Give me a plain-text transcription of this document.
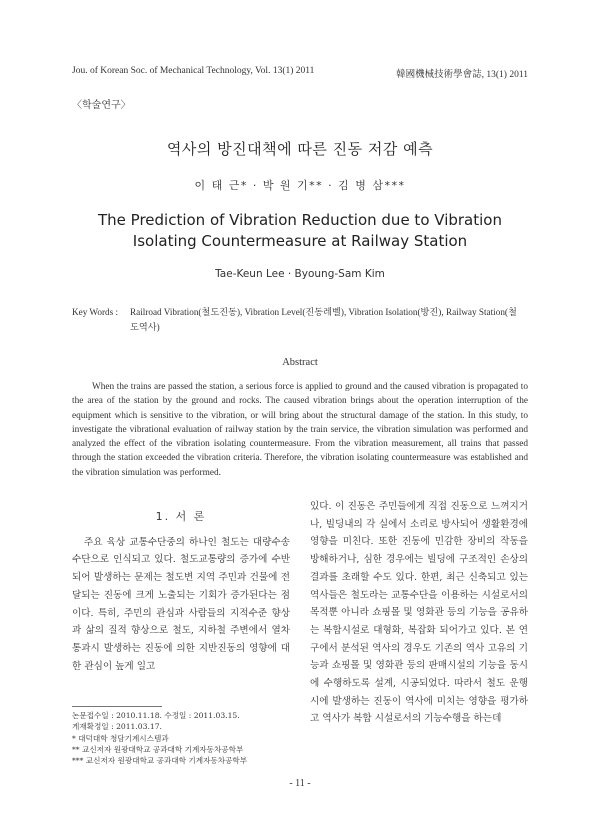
Jou. of Korean Soc. of Mechanical Technology, Vol. 13(1) 2011	韓國機械技術學會誌, 13(1) 2011
〈학술연구〉
역사의 방진대책에 따른 진동 저감 예측
이 태 근* · 박 원 기** · 김 병 삼***
The Prediction of Vibration Reduction due to Vibration
Isolating Countermeasure at Railway Station
Tae-Keun Lee · Byoung-Sam Kim
Key Words : Railroad Vibration(철도진동), Vibration Level(진동레벨), Vibration Isolation(방진), Railway Station(철도역사)
Abstract
When the trains are passed the station, a serious force is applied to ground and the caused vibration is propagated to the area of the station by the ground and rocks. The caused vibration brings about the operation interruption of the equipment which is sensitive to the vibration, or will bring about the structural damage of the station. In this study, to investigate the vibrational evaluation of railway station by the train service, the vibration simulation was performed and analyzed the effect of the vibration isolating countermeasure. From the vibration measurement, all trains that passed through the station exceeded the vibration criteria. Therefore, the vibration isolating countermeasure was established and the vibration simulation was performed.
1. 서 론

주요 육상 교통수단중의 하나인 철도는 대량수송 수단으로 인식되고 있다. 철도교통량의 증가에 수반되어 발생하는 문제는 철도변 지역 주민과 건물에 전달되는 진동에 크게 노출되는 기회가 증가된다는 점이다. 특히, 주민의 관심과 사람들의 지적수준 향상과 삶의 질적 향상으로 철도, 지하철 주변에서 열차 통과시 발생하는 진동에 의한 지반진동의 영향에 대한 관심이 높게 일고

있다. 이 진동은 주민들에게 직접 진동으로 느껴지거나, 빌딩내의 각 실에서 소리로 방사되어 생활환경에 영향을 미친다. 또한 진동에 민감한 장비의 작동을 방해하거나, 심한 경우에는 빌딩에 구조적인 손상의 결과를 초래할 수도 있다. 한편, 최근 신축되고 있는 역사들은 철도라는 교통수단을 이용하는 시설로서의 목적뿐 아니라 쇼핑몰 및 영화관 등의 기능을 공유하는 복합시설로 대형화, 복잡화 되어가고 있다. 본 연구에서 분석된 역사의 경우도 기존의 역사 고유의 기능과 쇼핑몰 및 영화관 등의 판매시설의 기능을 동시에 수행하도록 설계, 시공되었다. 따라서 철도 운행시에 발생하는 진동이 역사에 미치는 영향을 평가하고 역사가 복합 시설로서의 기능수행을 하는데

논문접수일 : 2010.11.18. 수정일 : 2011.03.15.
게재확정일 : 2011.03.17.
* 대덕대학 청담기계시스템과
** 교신저자 원광대학교 공과대학 기계자동차공학부
*** 교신저자 원광대학교 공과대학 기계자동차공학부
- 11 -
